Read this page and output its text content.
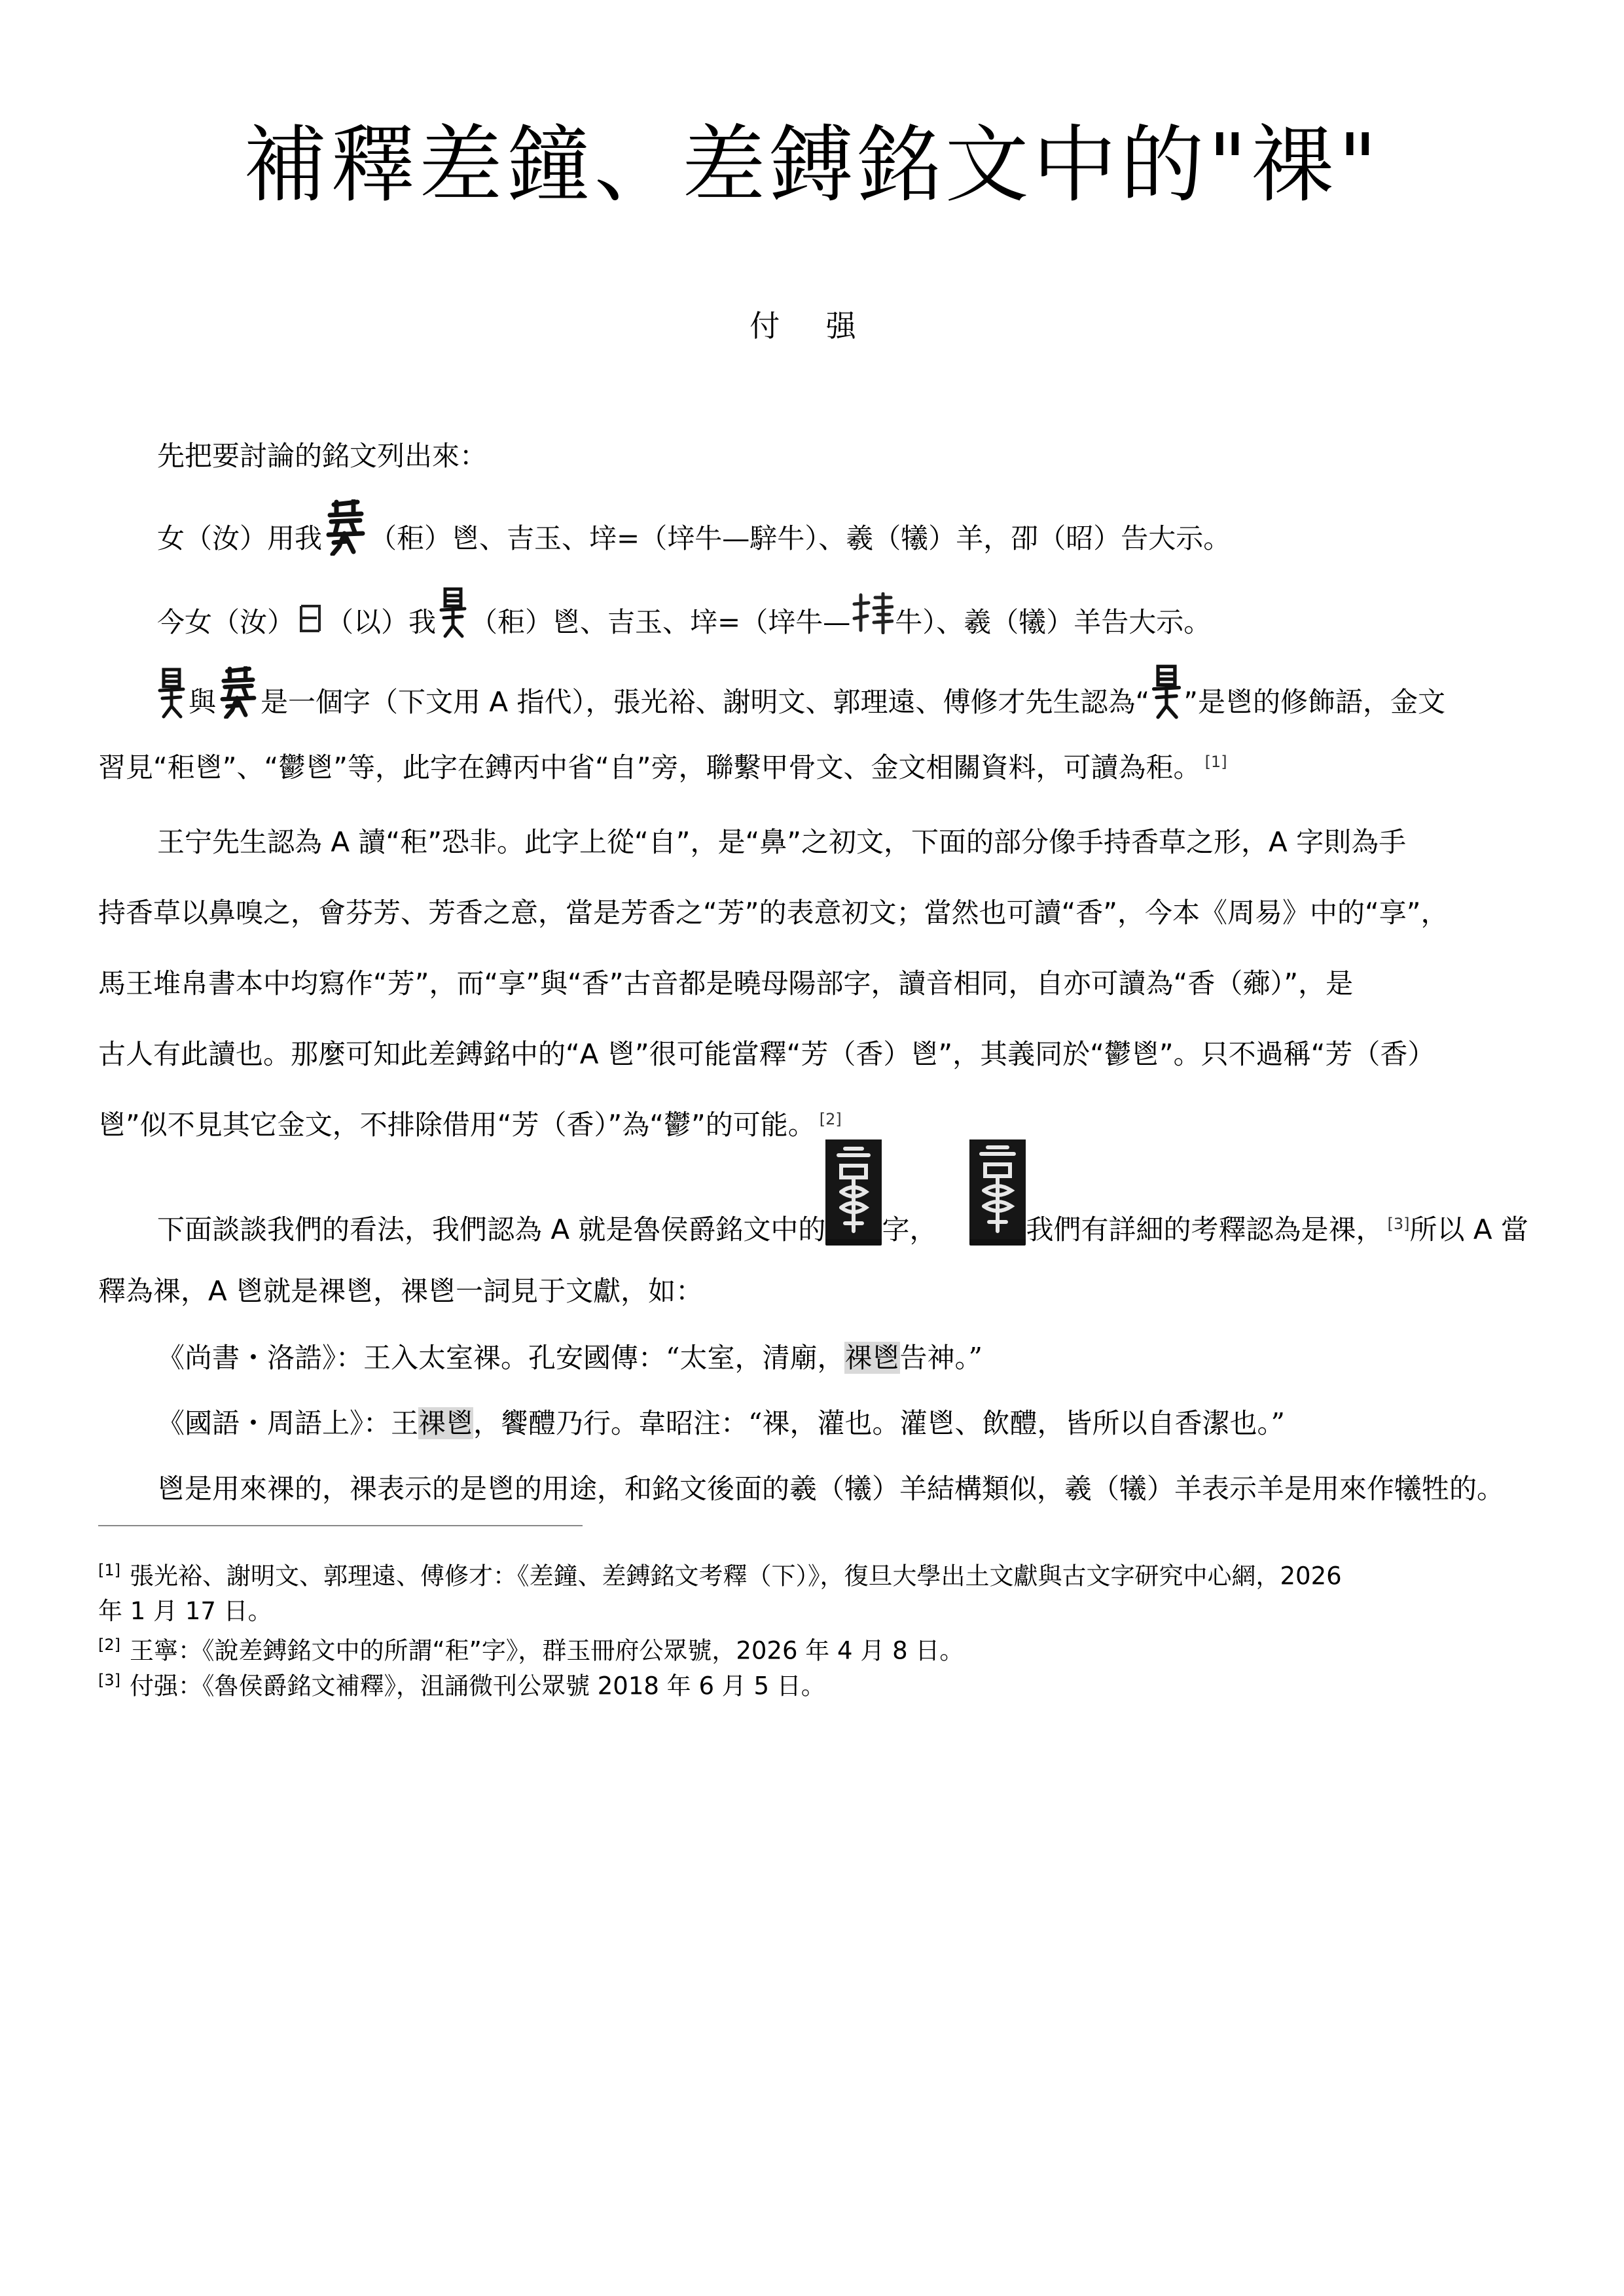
補釋差鐘、差鎛銘文中的"祼"
付 强
先把要討論的銘文列出來：
女（汝）用我 （秬）鬯、吉玉、垶=（垶牛—騂牛）、羲（犧）羊，卲（昭）告大示。
今女（汝） （以）我 （秬）鬯、吉玉、垶=（垶牛— 牛）、羲（犧）羊告大示。
與 是一個字（下文用 A 指代），張光裕、謝明文、郭理遠、傅修才先生認為“ ”是鬯的修飾語，金文
習見“秬鬯”、“鬱鬯”等，此字在鎛丙中省“自”旁，聯繫甲骨文、金文相關資料，可讀為秬。 [1]
王宁先生認為 A 讀“秬”恐非。此字上從“自”，是“鼻”之初文，下面的部分像手持香草之形，A 字則為手
持香草以鼻嗅之，會芬芳、芳香之意，當是芳香之“芳”的表意初文；當然也可讀“香”，今本《周易》中的“享”，
馬王堆帛書本中均寫作“芳”，而“享”與“香”古音都是曉母陽部字，讀音相同，自亦可讀為“香（薌）”，是
古人有此讀也。那麼可知此差鎛銘中的“A 鬯”很可能當釋“芳（香）鬯”，其義同於“鬱鬯”。只不過稱“芳（香）
鬯”似不見其它金文，不排除借用“芳（香）”為“鬱”的可能。 [2]
下面談談我們的看法，我們認為 A 就是魯侯爵銘文中的 字，	我們有詳細的考釋認為是祼， [3]所以 A 當
釋為祼，A 鬯就是祼鬯，祼鬯一詞見于文獻，如：
《尚書・洛誥》：王入太室祼。孔安國傳：“太室，清廟，祼鬯告神。”
《國語・周語上》：王祼鬯，饗醴乃行。韋昭注：“祼，灌也。灌鬯、飲醴，皆所以自香潔也。”
鬯是用來祼的，祼表示的是鬯的用途，和銘文後面的羲（犧）羊結構類似，羲（犧）羊表示羊是用來作犧牲的。
[1] 張光裕、謝明文、郭理遠、傅修才：《差鐘、差鎛銘文考釋（下）》，復旦大學出土文獻與古文字研究中心網，2026
年 1 月 17 日。
[2] 王寧：《說差鎛銘文中的所謂“秬”字》，群玉冊府公眾號，2026 年 4 月 8 日。
[3] 付强：《魯侯爵銘文補釋》，沮誦微刊公眾號 2018 年 6 月 5 日。
